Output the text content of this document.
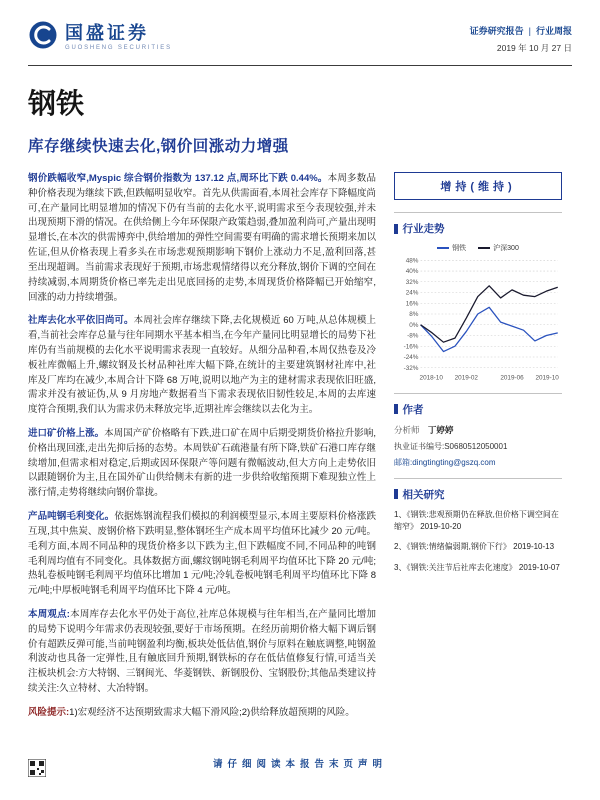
国盛证券
GUOSHENG SECURITIES
证券研究报告 | 行业周报
2019 年 10 月 27 日
钢铁
库存继续快速去化,钢价回涨动力增强

钢价跌幅收窄,Myspic 综合钢价指数为 137.12 点,周环比下跌 0.44%。本周多数品种价格表现为继续下跌,但跌幅明显收窄。首先从供需面看,本周社会库存下降幅度尚可,在产量同比明显增加的情况下仍有当前的去化水平,说明需求至今表现较强,并未出现预期下滑的情况。在供给侧上今年环保限产政策趋弱,叠加盈利尚可,产量出现明显增长,在本次的供需博弈中,供给增加的弹性空间需要有明确的需求增长预期来加以佐证,但从价格表现上看多头在市场悲观预期影响下钢价上涨动力不足,盈利回落,甚至出现超调。当前需求表现好于预期,市场悲观情绪得以充分释放,钢价下调的空间在持续减弱,本周期货价格已率先走出见底回扬的走势,本周现货价格降幅已开始缩窄,回涨的动力持续增强。

社库去化水平依旧尚可。本周社会库存继续下降,去化规模近 60 万吨,从总体规模上看,当前社会库存总量与往年同期水平基本相当,在今年产量同比明显增长的局势下社库仍有当前规模的去化水平说明需求表现一直较好。从细分品种看,本周仅热卷及冷板社库微幅上升,螺纹钢及长材品种社库大幅下降,在统计的主要建筑钢材社库中,社库及厂库均在减少,本周合计下降 68 万吨,说明以地产为主的建材需求表现依旧旺盛,需求并没有被证伪,从 9 月房地产数据看当下需求表现依旧韧性较足,本周的去库速度符合预期,我们认为需求仍未释放完毕,近期社库会继续以去化为主。

进口矿价格上涨。本周国产矿价格略有下跌,进口矿在周中后期受期货价格拉升影响,价格出现回涨,走出先抑后扬的态势。本周铁矿石疏港量有所下降,铁矿石港口库存继续增加,但需求相对稳定,后期或因环保限产等问题有微幅波动,但大方向上走势依旧以跟随钢价为主,且在国外矿山供给侧未有新的进一步供给收缩预期下难现独立性上涨行情,走势将继续向钢价靠拢。

产品吨钢毛利变化。依据炼钢流程我们模拟的利润模型显示,本周主要原料价格涨跌互现,其中焦炭、废钢价格下跌明显,整体钢坯生产成本周平均值环比减少 20 元/吨。毛利方面,本周不同品种的现货价格多以下跌为主,但下跌幅度不同,不同品种的吨钢毛利周均值有不同变化。具体数据方面,螺纹钢吨钢毛利周平均值环比下降 20 元/吨;热轧卷板吨钢毛利周平均值环比增加 1 元/吨;冷轧卷板吨钢毛利周平均值环比下降 8 元/吨;中厚板吨钢毛利周平均值环比下降 4 元/吨。

本周观点:本周库存去化水平仍处于高位,社库总体规模与往年相当,在产量同比增加的局势下说明今年需求仍表现较强,要好于市场预期。在经历前期价格大幅下调后钢价有超跌反弹可能,当前吨钢盈利均衡,板块处低估值,钢价与原料在触底调整,吨钢盈利波动也具备一定弹性,且有触底回升预期,钢铁标的存在低估值修复行情,可适当关注板块机会:方大特钢、三钢闽光、华菱钢铁、新钢股份、宝钢股份;其他品类建议持续关注:久立特材、大冶特钢。

风险提示:1)宏观经济不达预期致需求大幅下滑风险;2)供给释放超预期的风险。

增持(维持)
行业走势
钢铁	沪深300
48%
40%
32%
24%
16%
8%
0%
-8%
-16%
-24%
-32%
2018-10 2019-02	2019-06 2019-10
作者
分析师 丁婷婷
执业证书编号:S0680512050001
邮箱:dingtingting@gszq.com
相关研究
1、《钢铁:悲观预期仍在释放,但价格下调空间在缩窄》 2019-10-20
2、《钢铁:情绪偏弱期,钢价下行》 2019-10-13
3、《钢铁:关注节后社库去化速度》 2019-10-07
请仔细阅读本报告末页声明
